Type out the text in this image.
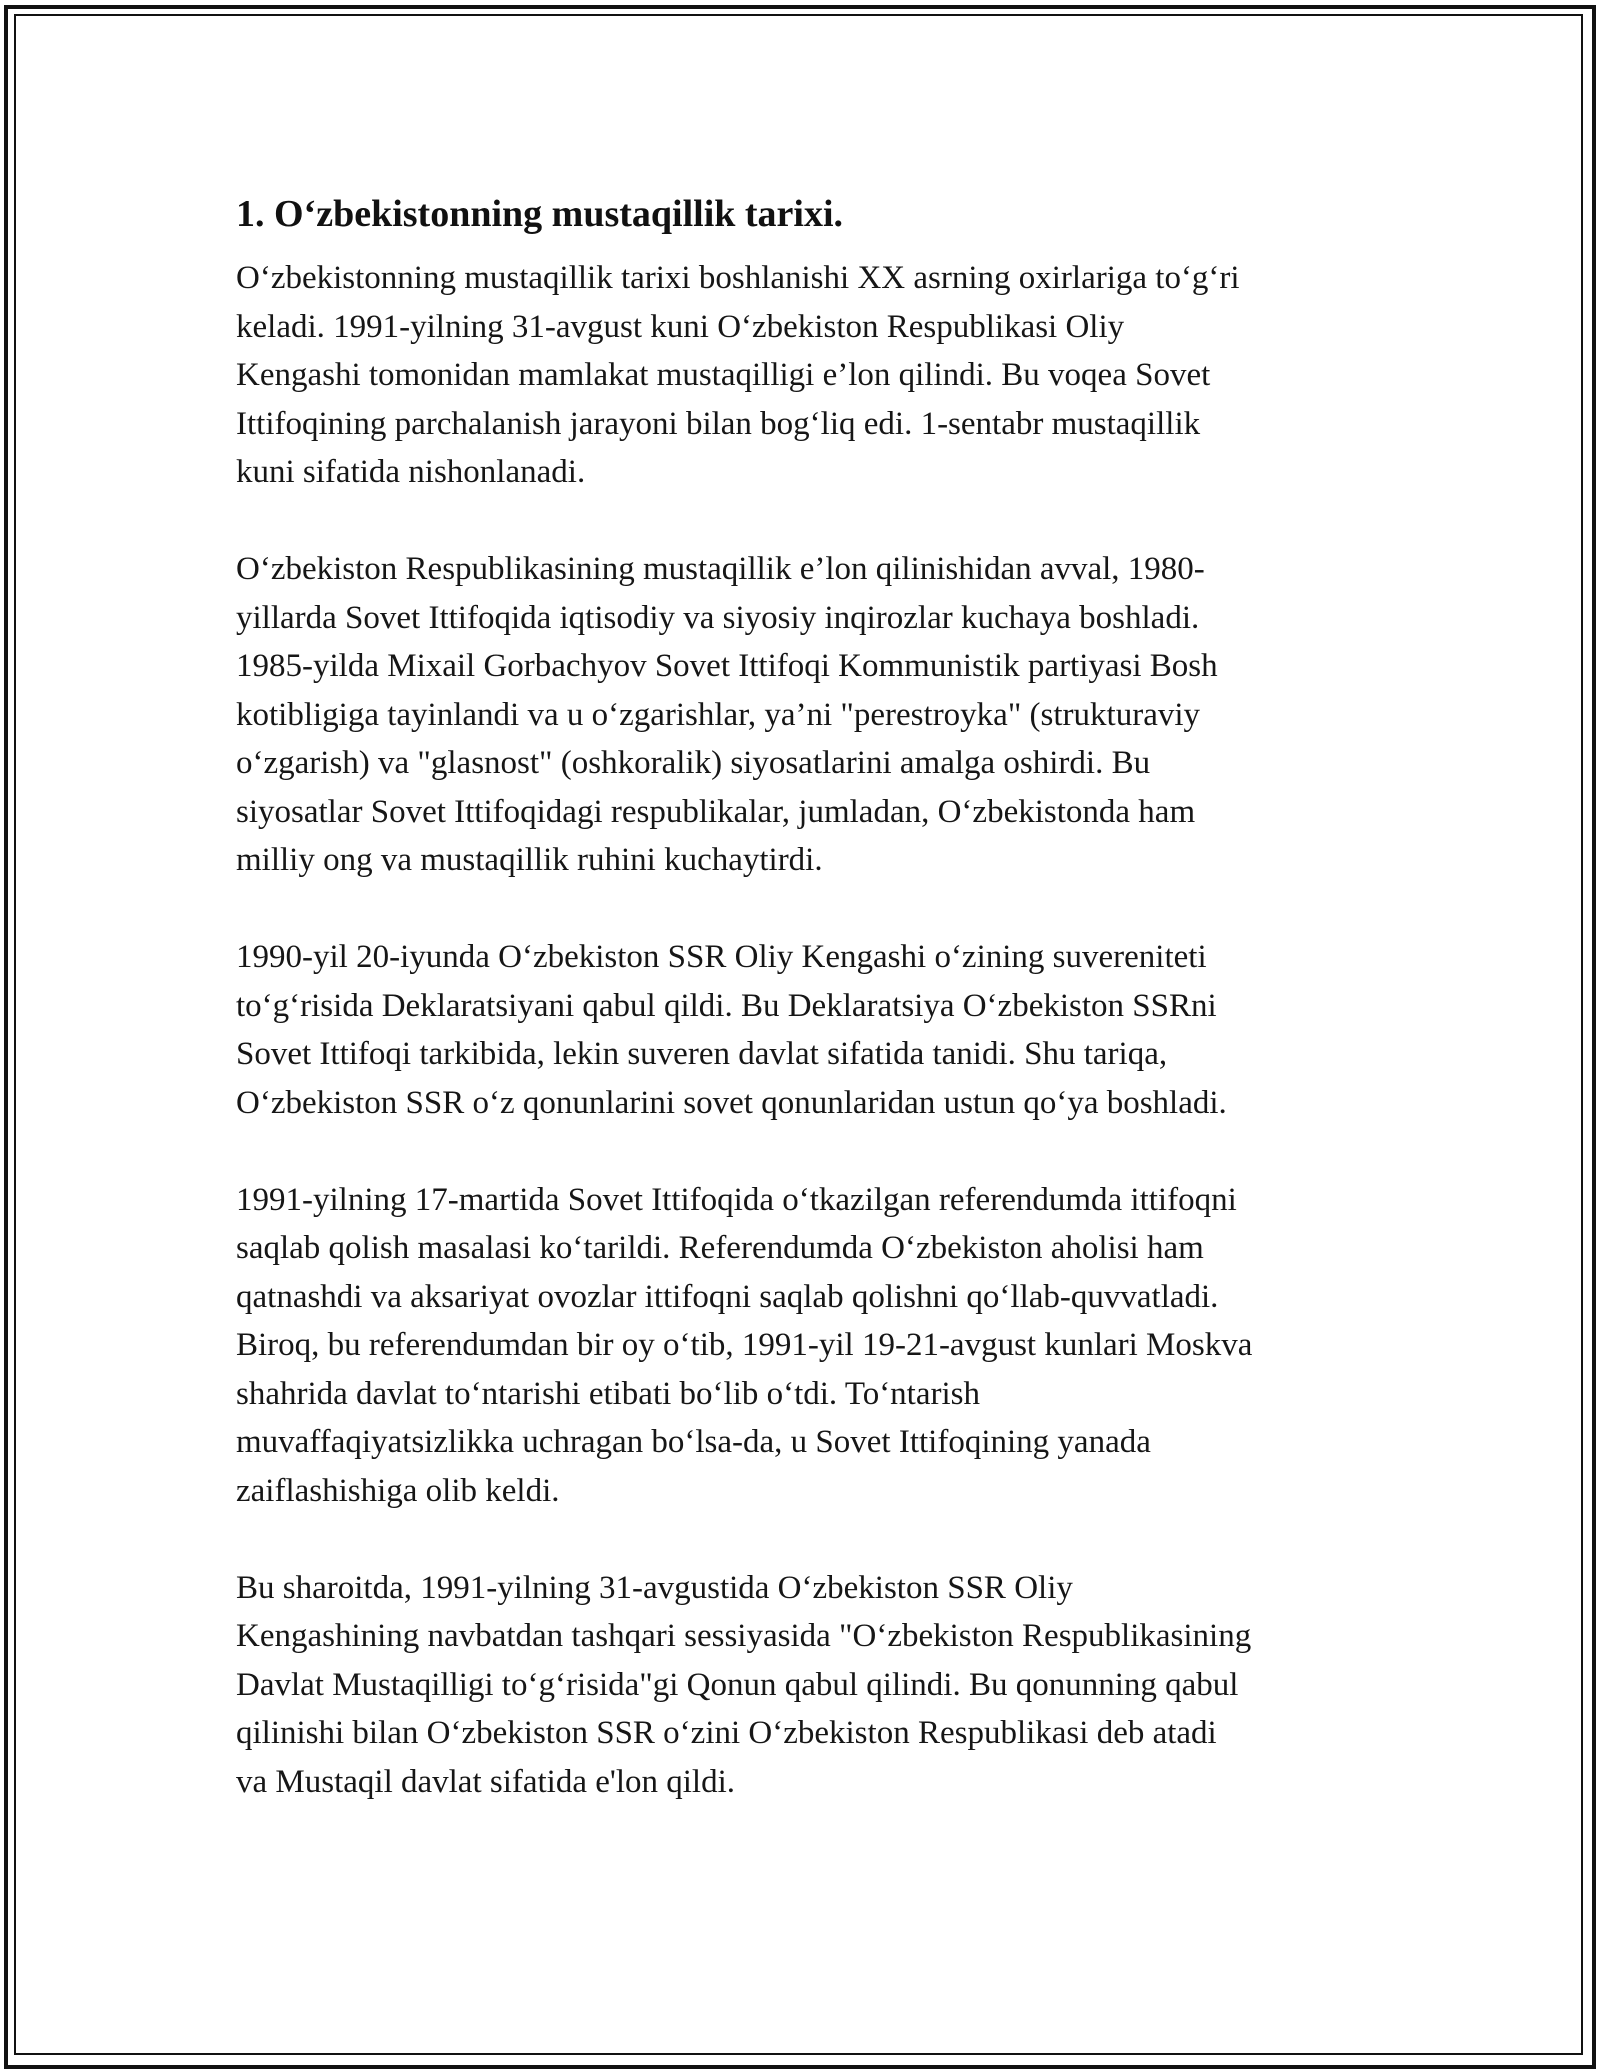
1. O‘zbekistonning mustaqillik tarixi.
O‘zbekistonning mustaqillik tarixi boshlanishi XX asrning oxirlariga to‘g‘ri
keladi. 1991-yilning 31-avgust kuni O‘zbekiston Respublikasi Oliy
Kengashi tomonidan mamlakat mustaqilligi e’lon qilindi. Bu voqea Sovet
Ittifoqining parchalanish jarayoni bilan bog‘liq edi. 1-sentabr mustaqillik
kuni sifatida nishonlanadi.
O‘zbekiston Respublikasining mustaqillik e’lon qilinishidan avval, 1980-
yillarda Sovet Ittifoqida iqtisodiy va siyosiy inqirozlar kuchaya boshladi.
1985-yilda Mixail Gorbachyov Sovet Ittifoqi Kommunistik partiyasi Bosh
kotibligiga tayinlandi va u o‘zgarishlar, ya’ni "perestroyka" (strukturaviy
o‘zgarish) va "glasnost" (oshkoralik) siyosatlarini amalga oshirdi. Bu
siyosatlar Sovet Ittifoqidagi respublikalar, jumladan, O‘zbekistonda ham
milliy ong va mustaqillik ruhini kuchaytirdi.
1990-yil 20-iyunda O‘zbekiston SSR Oliy Kengashi o‘zining suvereniteti
to‘g‘risida Deklaratsiyani qabul qildi. Bu Deklaratsiya O‘zbekiston SSRni
Sovet Ittifoqi tarkibida, lekin suveren davlat sifatida tanidi. Shu tariqa,
O‘zbekiston SSR o‘z qonunlarini sovet qonunlaridan ustun qo‘ya boshladi.
1991-yilning 17-martida Sovet Ittifoqida o‘tkazilgan referendumda ittifoqni
saqlab qolish masalasi ko‘tarildi. Referendumda O‘zbekiston aholisi ham
qatnashdi va aksariyat ovozlar ittifoqni saqlab qolishni qo‘llab-quvvatladi.
Biroq, bu referendumdan bir oy o‘tib, 1991-yil 19-21-avgust kunlari Moskva
shahrida davlat to‘ntarishi etibati bo‘lib o‘tdi. To‘ntarish
muvaffaqiyatsizlikka uchragan bo‘lsa-da, u Sovet Ittifoqining yanada
zaiflashishiga olib keldi.
Bu sharoitda, 1991-yilning 31-avgustida O‘zbekiston SSR Oliy
Kengashining navbatdan tashqari sessiyasida "O‘zbekiston Respublikasining
Davlat Mustaqilligi to‘g‘risida"gi Qonun qabul qilindi. Bu qonunning qabul
qilinishi bilan O‘zbekiston SSR o‘zini O‘zbekiston Respublikasi deb atadi
va Mustaqil davlat sifatida e'lon qildi.
